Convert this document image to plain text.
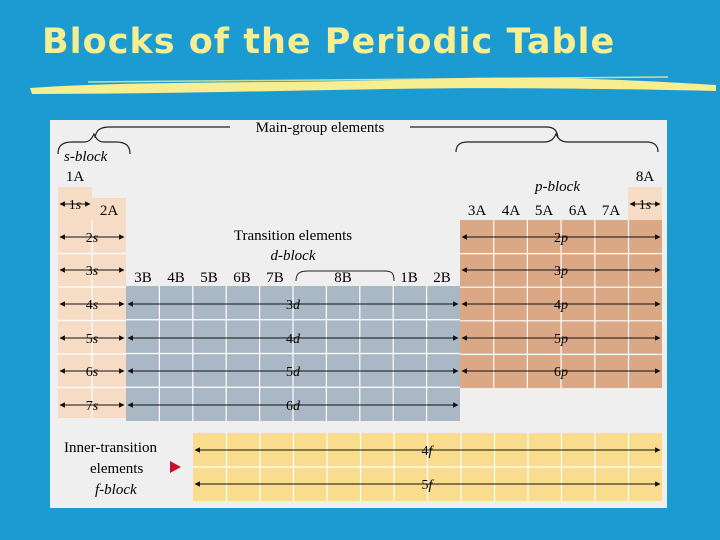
Blocks of the Periodic Table
Main-group elements
s-block
p-block
1A
2A
3B 4B 5B 6B 7B	8B	1B 2B
3A 4A 5A 6A 7A
8A
Transition elements
d-block
Inner-transition
elements
f-block
1s
2s
3s
4s
5s
6s
7s
1s
2p
3p
4p
5p
6p
3d
4d
5d
6d
4f
5f
